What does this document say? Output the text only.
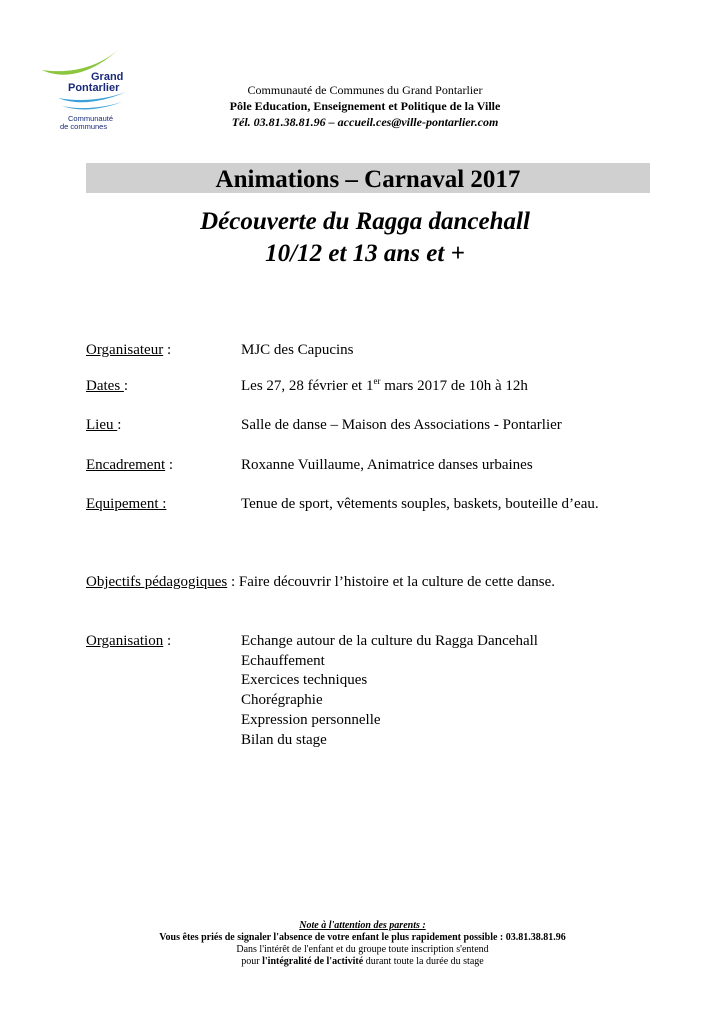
Grand
Pontarlier
Communauté
de communes
Communauté de Communes du Grand Pontarlier
Pôle Education, Enseignement et Politique de la Ville
Tél. 03.81.38.81.96 – accueil.ces@ville-pontarlier.com
Animations – Carnaval 2017
Découverte du Ragga dancehall
10/12 et 13 ans et +
Organisateur :	MJC des Capucins
Dates :	Les 27, 28 février et 1er mars 2017 de 10h à 12h
Lieu :	Salle de danse – Maison des Associations - Pontarlier
Encadrement :	Roxanne Vuillaume, Animatrice danses urbaines
Equipement :	Tenue de sport, vêtements souples, baskets, bouteille d’eau.
Objectifs pédagogiques : Faire découvrir l’histoire et la culture de cette danse.
Organisation :	Echange autour de la culture du Ragga Dancehall
Echauffement
Exercices techniques
Chorégraphie
Expression personnelle
Bilan du stage
Note à l'attention des parents :
Vous êtes priés de signaler l'absence de votre enfant le plus rapidement possible : 03.81.38.81.96
Dans l'intérêt de l'enfant et du groupe toute inscription s'entend
pour l'intégralité de l'activité durant toute la durée du stage
